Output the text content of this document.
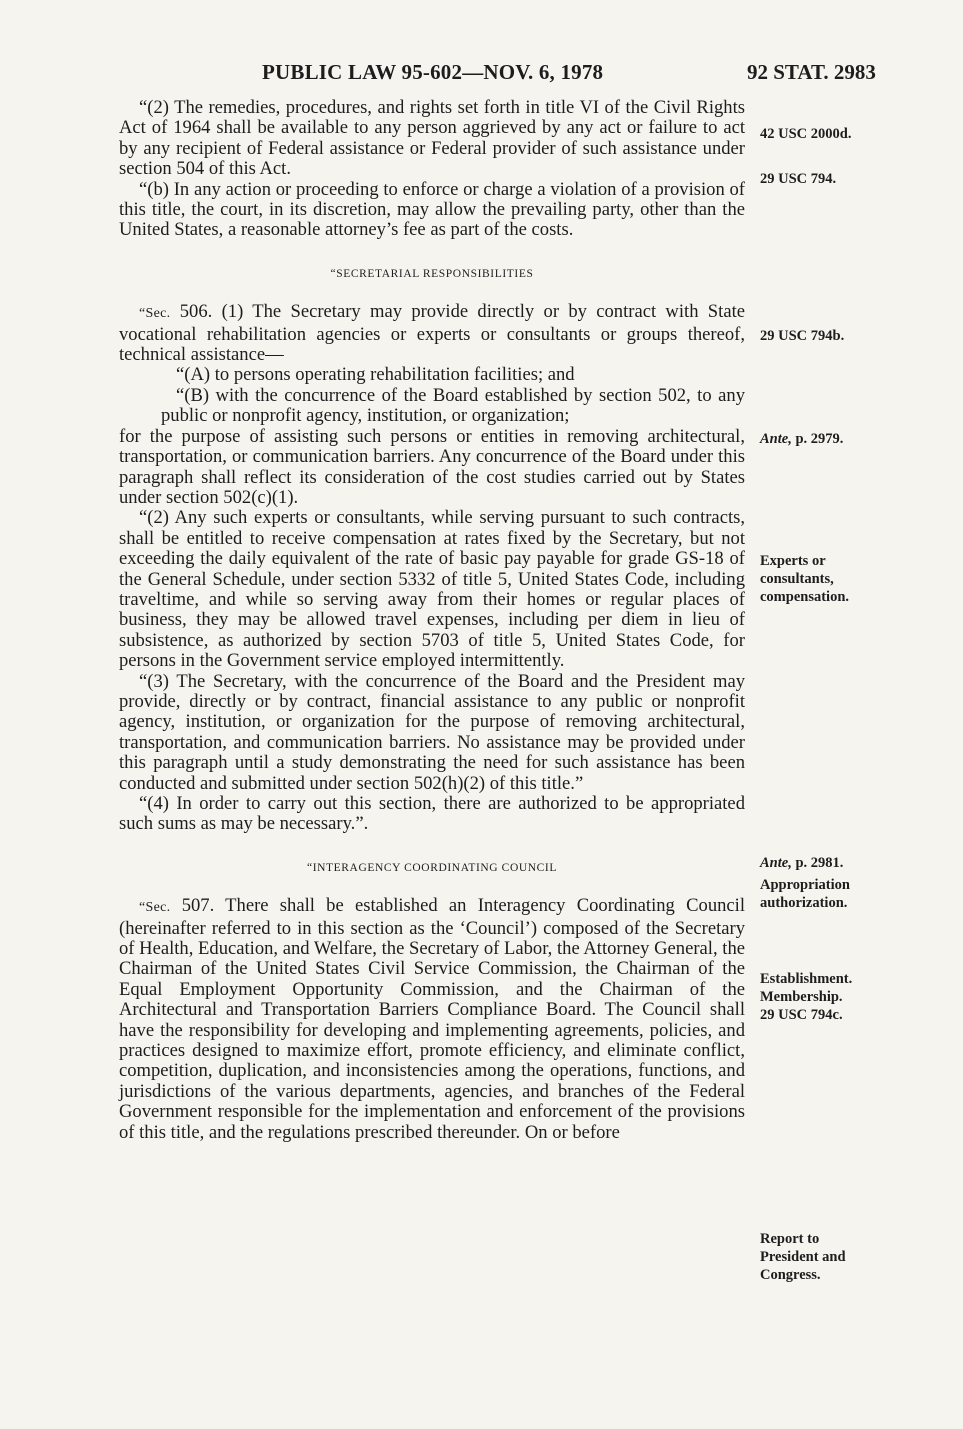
PUBLIC LAW 95-602—NOV. 6, 1978	92 STAT. 2983

“(2) The remedies, procedures, and rights set forth in title VI of the Civil Rights Act of 1964 shall be available to any person aggrieved by any act or failure to act by any recipient of Federal assistance or Federal provider of such assistance under section 504 of this Act.

“(b) In any action or proceeding to enforce or charge a violation of a provision of this title, the court, in its discretion, may allow the prevailing party, other than the United States, a reasonable attorney’s fee as part of the costs.

“SECRETARIAL RESPONSIBILITIES

“Sec. 506. (1) The Secretary may provide directly or by contract with State vocational rehabilitation agencies or experts or consultants or groups thereof, technical assistance—

“(A) to persons operating rehabilitation facilities; and

“(B) with the concurrence of the Board established by section 502, to any public or nonprofit agency, institution, or organization;

for the purpose of assisting such persons or entities in removing architectural, transportation, or communication barriers. Any concurrence of the Board under this paragraph shall reflect its consideration of the cost studies carried out by States under section 502(c)(1).

“(2) Any such experts or consultants, while serving pursuant to such contracts, shall be entitled to receive compensation at rates fixed by the Secretary, but not exceeding the daily equivalent of the rate of basic pay payable for grade GS-18 of the General Schedule, under section 5332 of title 5, United States Code, including traveltime, and while so serving away from their homes or regular places of business, they may be allowed travel expenses, including per diem in lieu of subsistence, as authorized by section 5703 of title 5, United States Code, for persons in the Government service employed intermittently.

“(3) The Secretary, with the concurrence of the Board and the President may provide, directly or by contract, financial assistance to any public or nonprofit agency, institution, or organization for the purpose of removing architectural, transportation, and communication barriers. No assistance may be provided under this paragraph until a study demonstrating the need for such assistance has been conducted and submitted under section 502(h)(2) of this title.”

“(4) In order to carry out this section, there are authorized to be appropriated such sums as may be necessary.”.

“INTERAGENCY COORDINATING COUNCIL

“Sec. 507. There shall be established an Interagency Coordinating Council (hereinafter referred to in this section as the ‘Council’) composed of the Secretary of Health, Education, and Welfare, the Secretary of Labor, the Attorney General, the Chairman of the United States Civil Service Commission, the Chairman of the Equal Employment Opportunity Commission, and the Chairman of the Architectural and Transportation Barriers Compliance Board. The Council shall have the responsibility for developing and implementing agreements, policies, and practices designed to maximize effort, promote efficiency, and eliminate conflict, competition, duplication, and inconsistencies among the operations, functions, and jurisdictions of the various departments, agencies, and branches of the Federal Government responsible for the implementation and enforcement of the provisions of this title, and the regulations prescribed thereunder. On or before

42 USC 2000d.
29 USC 794.
29 USC 794b.
Ante, p. 2979.
Experts or
consultants,
compensation.
Ante, p. 2981.
Appropriation
authorization.
Establishment.
Membership.
29 USC 794c.
Report to
President and
Congress.
